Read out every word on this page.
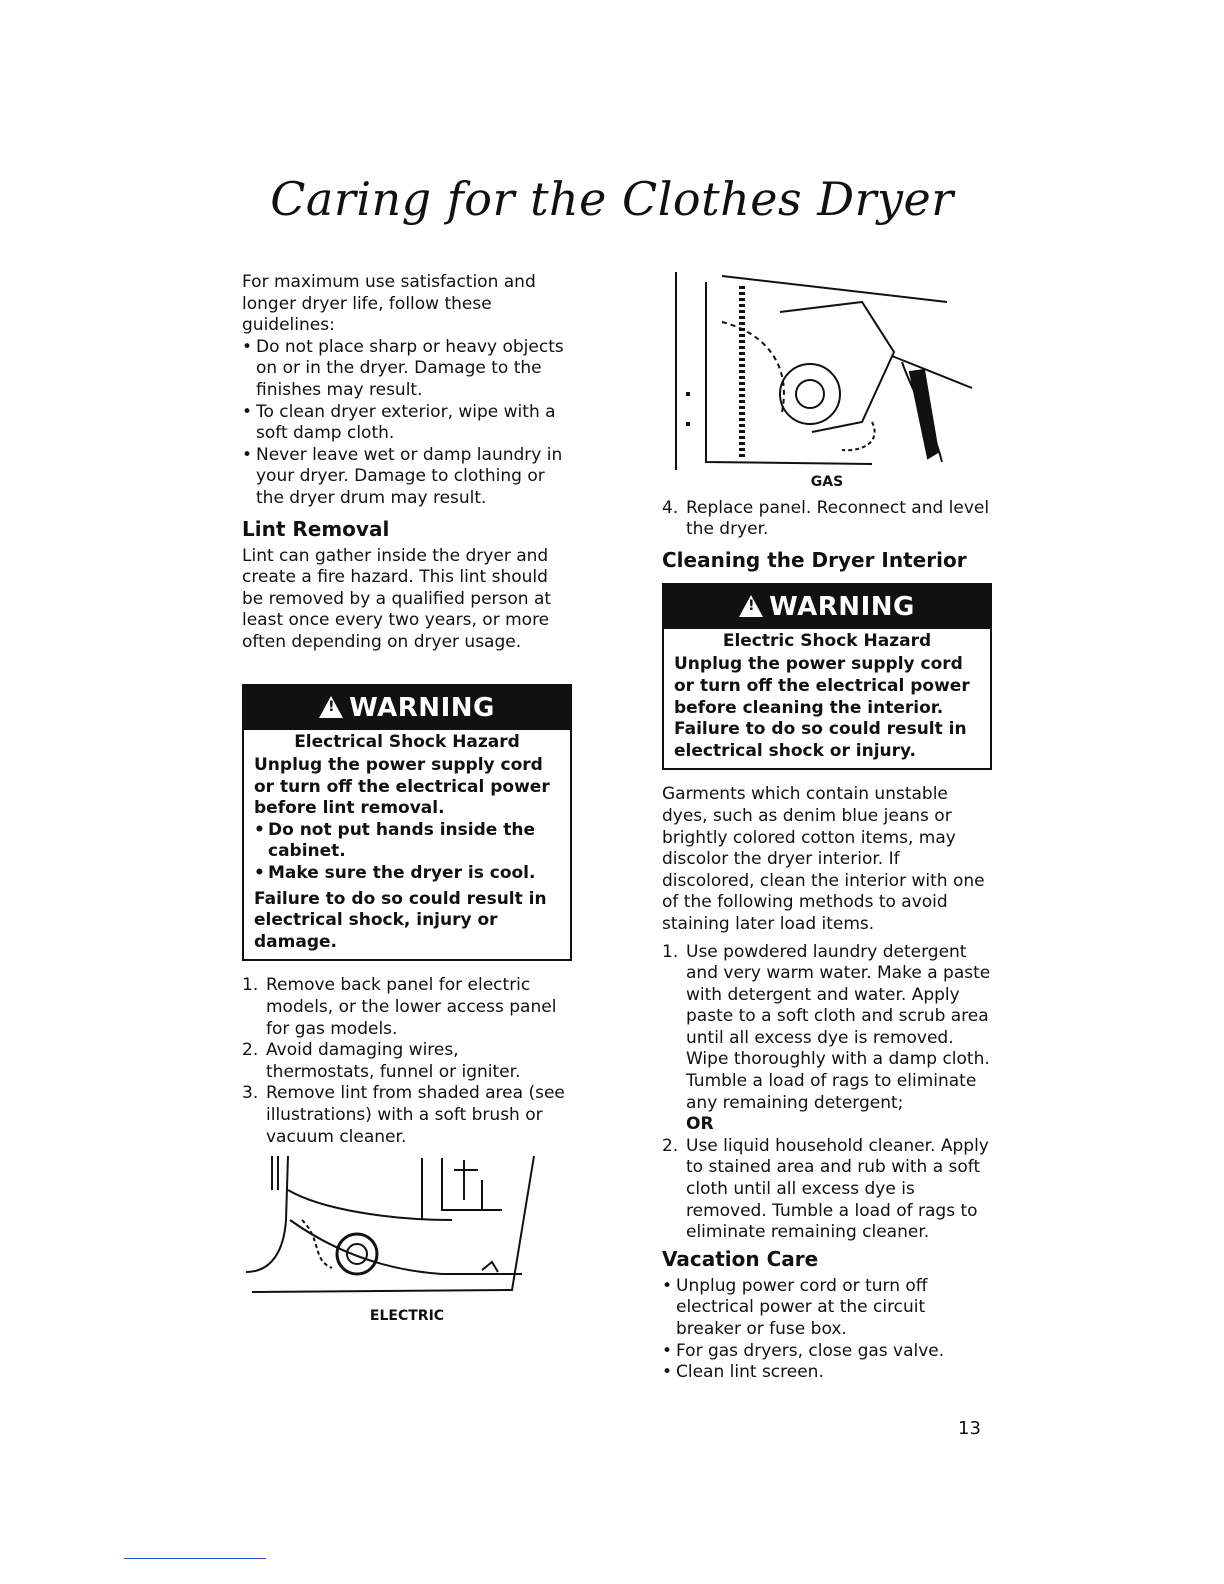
Caring for the Clothes Dryer

For maximum use satisfaction and longer dryer life, follow these guidelines:

• Do not place sharp or heavy objects on or in the dryer. Damage to the finishes may result.
• To clean dryer exterior, wipe with a soft damp cloth.
• Never leave wet or damp laundry in your dryer. Damage to clothing or the dryer drum may result.
Lint Removal

Lint can gather inside the dryer and create a fire hazard. This lint should be removed by a qualified person at least once every two years, or more often depending on dryer usage.

! WARNING
Electrical Shock Hazard

Unplug the power supply cord or turn off the electrical power before lint removal.

• Do not put hands inside the cabinet.
• Make sure the dryer is cool.

Failure to do so could result in electrical shock, injury or damage.

1. Remove back panel for electric models, or the lower access panel for gas models.
2. Avoid damaging wires, thermostats, funnel or igniter.
3. Remove lint from shaded area (see illustrations) with a soft brush or vacuum cleaner.
ELECTRIC
GAS
4. Replace panel. Reconnect and level the dryer.
Cleaning the Dryer Interior
! WARNING
Electric Shock Hazard

Unplug the power supply cord or turn off the electrical power before cleaning the interior. Failure to do so could result in electrical shock or injury.

Garments which contain unstable dyes, such as denim blue jeans or brightly colored cotton items, may discolor the dryer interior. If discolored, clean the interior with one of the following methods to avoid staining later load items.

1. Use powdered laundry detergent and very warm water. Make a paste with detergent and water. Apply paste to a soft cloth and scrub area until all excess dye is removed. Wipe thoroughly with a damp cloth. Tumble a load of rags to eliminate any remaining detergent;
OR
2. Use liquid household cleaner. Apply to stained area and rub with a soft cloth until all excess dye is removed. Tumble a load of rags to eliminate remaining cleaner.
Vacation Care
• Unplug power cord or turn off electrical power at the circuit breaker or fuse box.
• For gas dryers, close gas valve.
• Clean lint screen.
13
